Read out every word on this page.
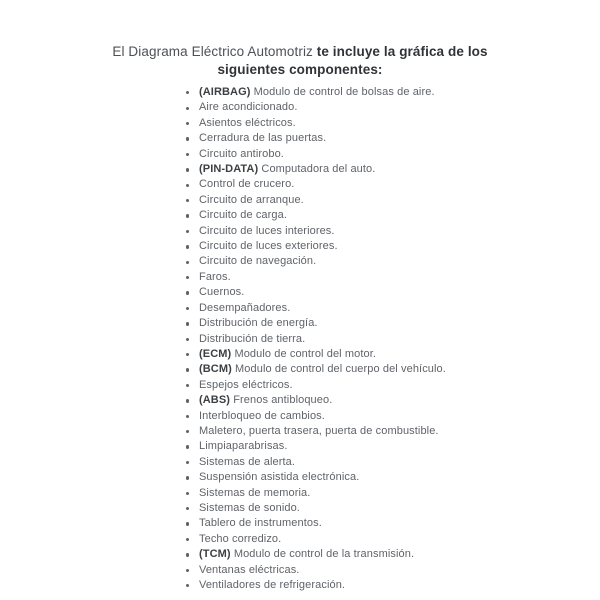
El Diagrama Eléctrico Automotriz te incluye la gráfica de los siguientes componentes:
(AIRBAG) Modulo de control de bolsas de aire.
Aire acondicionado.
Asientos eléctricos.
Cerradura de las puertas.
Circuito antirobo.
(PIN-DATA) Computadora del auto.
Control de crucero.
Circuito de arranque.
Circuito de carga.
Circuito de luces interiores.
Circuito de luces exteriores.
Circuito de navegación.
Faros.
Cuernos.
Desempañadores.
Distribución de energía.
Distribución de tierra.
(ECM) Modulo de control del motor.
(BCM) Modulo de control del cuerpo del vehículo.
Espejos eléctricos.
(ABS) Frenos antibloqueo.
Interbloqueo de cambios.
Maletero, puerta trasera, puerta de combustible.
Limpiaparabrisas.
Sistemas de alerta.
Suspensión asistida electrónica.
Sistemas de memoria.
Sistemas de sonido.
Tablero de instrumentos.
Techo corredizo.
(TCM) Modulo de control de la transmisión.
Ventanas eléctricas.
Ventiladores de refrigeración.
